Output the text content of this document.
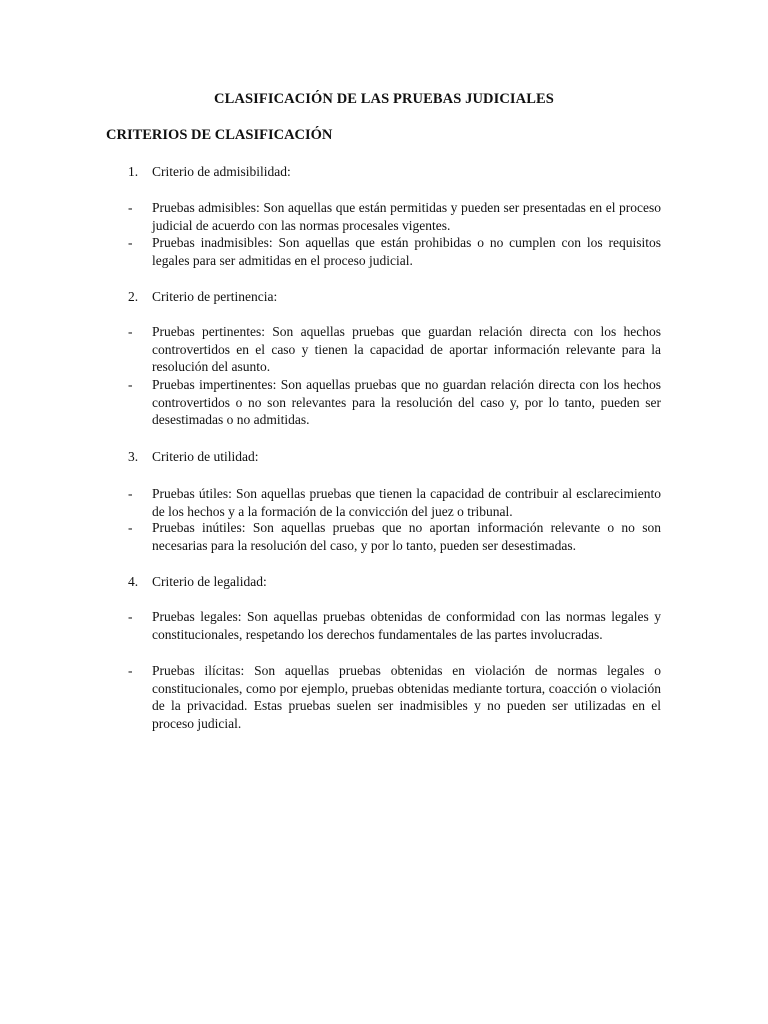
CLASIFICACIÓN DE LAS PRUEBAS JUDICIALES
CRITERIOS DE CLASIFICACIÓN
1. Criterio de admisibilidad:
- Pruebas admisibles: Son aquellas que están permitidas y pueden ser presentadas en el proceso judicial de acuerdo con las normas procesales vigentes.
- Pruebas inadmisibles: Son aquellas que están prohibidas o no cumplen con los requisitos legales para ser admitidas en el proceso judicial.
2. Criterio de pertinencia:
- Pruebas pertinentes: Son aquellas pruebas que guardan relación directa con los hechos controvertidos en el caso y tienen la capacidad de aportar información relevante para la resolución del asunto.
- Pruebas impertinentes: Son aquellas pruebas que no guardan relación directa con los hechos controvertidos o no son relevantes para la resolución del caso y, por lo tanto, pueden ser desestimadas o no admitidas.
3. Criterio de utilidad:
- Pruebas útiles: Son aquellas pruebas que tienen la capacidad de contribuir al esclarecimiento de los hechos y a la formación de la convicción del juez o tribunal.
- Pruebas inútiles: Son aquellas pruebas que no aportan información relevante o no son necesarias para la resolución del caso, y por lo tanto, pueden ser desestimadas.
4. Criterio de legalidad:
- Pruebas legales: Son aquellas pruebas obtenidas de conformidad con las normas legales y constitucionales, respetando los derechos fundamentales de las partes involucradas.
- Pruebas ilícitas: Son aquellas pruebas obtenidas en violación de normas legales o constitucionales, como por ejemplo, pruebas obtenidas mediante tortura, coacción o violación de la privacidad. Estas pruebas suelen ser inadmisibles y no pueden ser utilizadas en el proceso judicial.
